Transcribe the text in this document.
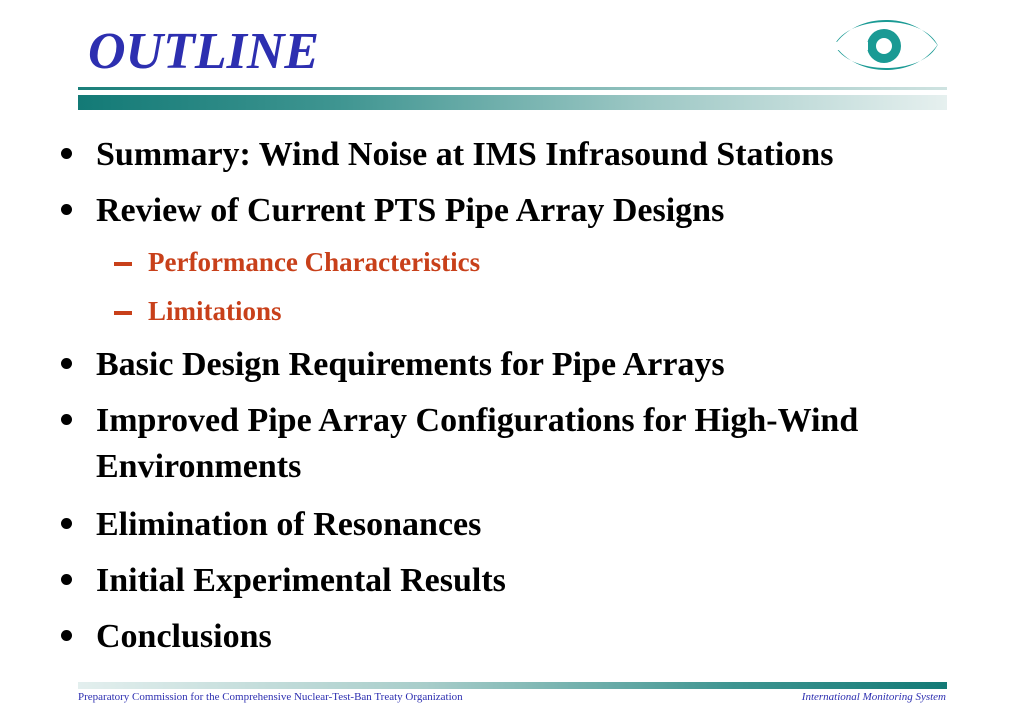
OUTLINE
Summary: Wind Noise at IMS Infrasound Stations
Review of Current PTS Pipe Array Designs
Performance Characteristics
Limitations
Basic Design Requirements for Pipe Arrays
Improved Pipe Array Configurations for High-Wind Environments
Elimination of Resonances
Initial Experimental Results
Conclusions
Preparatory Commission for the Comprehensive Nuclear-Test-Ban Treaty Organization	International Monitoring System
